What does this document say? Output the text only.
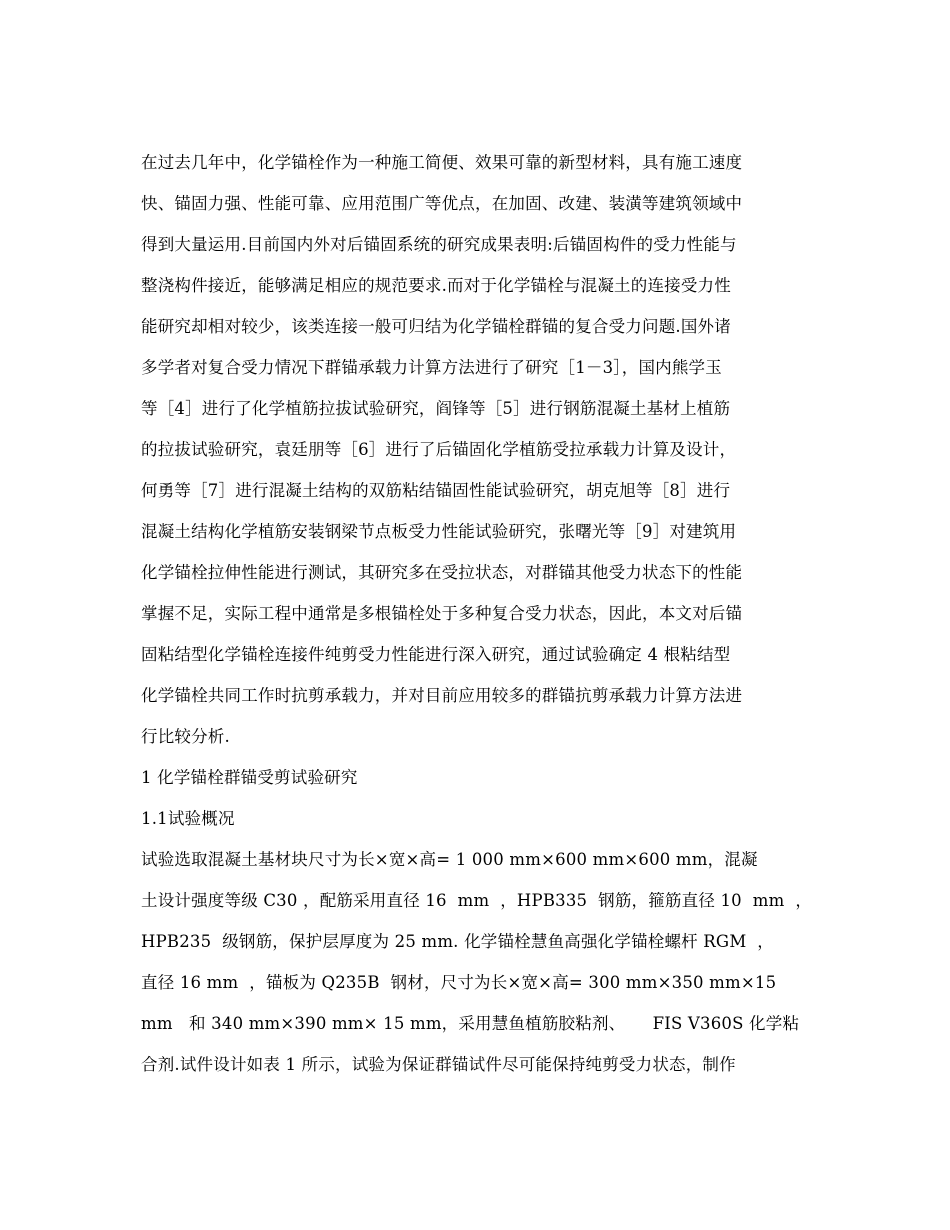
在过去几年中，化学锚栓作为一种施工简便、效果可靠的新型材料，具有施工速度
快、锚固力强、性能可靠、应用范围广等优点，在加固、改建、装潢等建筑领域中
得到大量运用.目前国内外对后锚固系统的研究成果表明:后锚固构件的受力性能与
整浇构件接近，能够满足相应的规范要求.而对于化学锚栓与混凝土的连接受力性
能研究却相对较少，该类连接一般可归结为化学锚栓群锚的复合受力问题.国外诸
多学者对复合受力情况下群锚承载力计算方法进行了研究［1－3］，国内熊学玉
等［4］进行了化学植筋拉拔试验研究，阎锋等［5］进行钢筋混凝土基材上植筋
的拉拔试验研究，袁廷朋等［6］进行了后锚固化学植筋受拉承载力计算及设计，
何勇等［7］进行混凝土结构的双筋粘结锚固性能试验研究，胡克旭等［8］进行
混凝土结构化学植筋安装钢梁节点板受力性能试验研究，张曙光等［9］对建筑用
化学锚栓拉伸性能进行测试，其研究多在受拉状态，对群锚其他受力状态下的性能
掌握不足，实际工程中通常是多根锚栓处于多种复合受力状态，因此，本文对后锚
固粘结型化学锚栓连接件纯剪受力性能进行深入研究，通过试验确定 4 根粘结型
化学锚栓共同工作时抗剪承载力，并对目前应用较多的群锚抗剪承载力计算方法进
行比较分析.
1 化学锚栓群锚受剪试验研究
1.1试验概况
试验选取混凝土基材块尺寸为长×宽×高= 1 000 mm×600 mm×600 mm，混凝
土设计强度等级 C30 ，配筋采用直径 16  mm  ，HPB335  钢筋，箍筋直径 10  mm  ，
HPB235  级钢筋，保护层厚度为 25 mm. 化学锚栓慧鱼高强化学锚栓螺杆 RGM  ，
直径 16 mm  ，锚板为 Q235B  钢材，尺寸为长×宽×高= 300 mm×350 mm×15
mm   和 340 mm×390 mm× 15 mm，采用慧鱼植筋胶粘剂、     FIS V360S 化学粘
合剂.试件设计如表 1 所示，试验为保证群锚试件尽可能保持纯剪受力状态，制作
